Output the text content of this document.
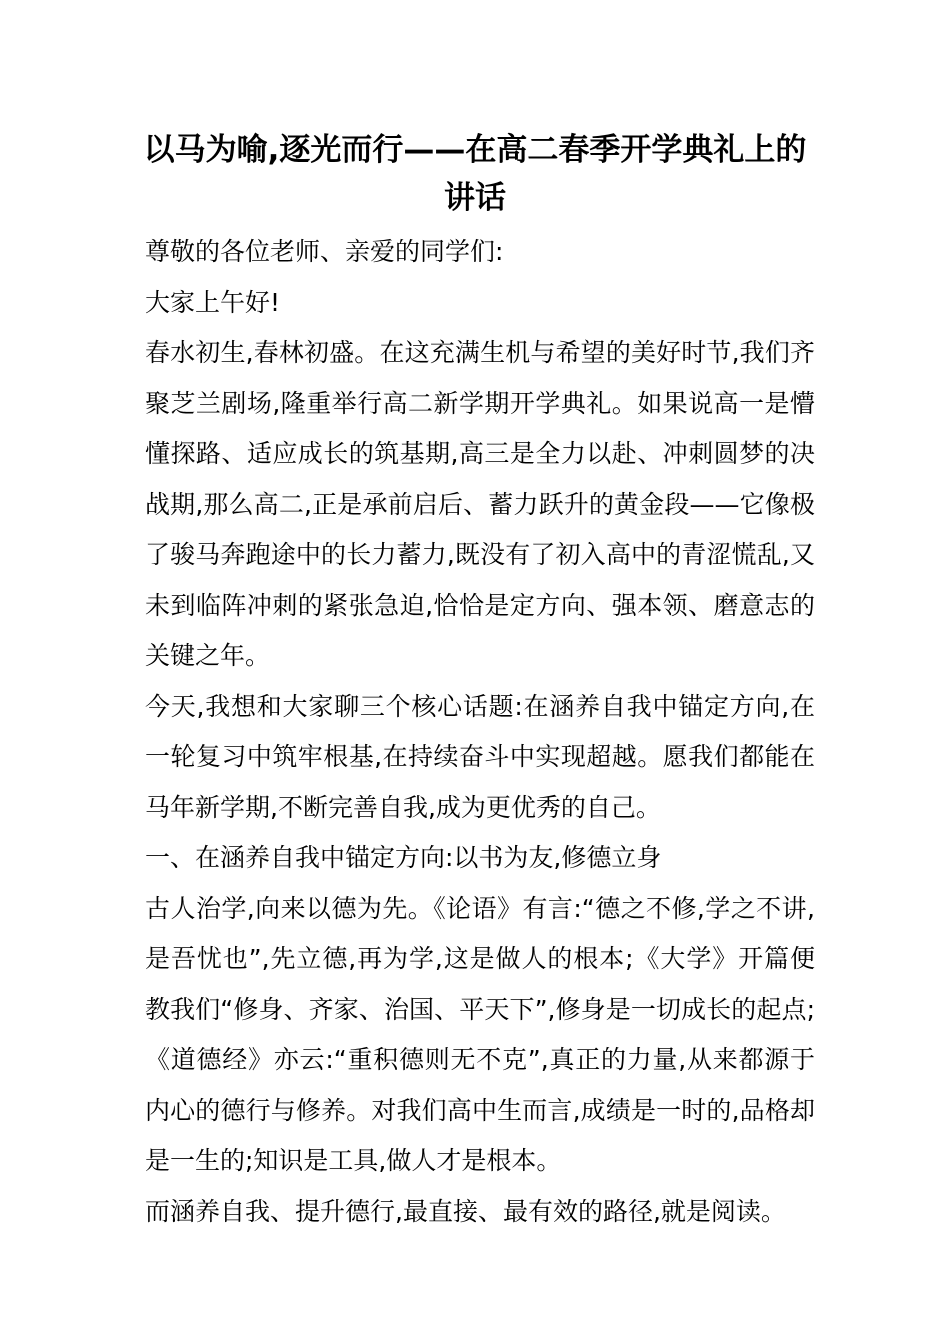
以马为喻,逐光而行——在高二春季开学典礼上的讲话

尊敬的各位老师、亲爱的同学们:

大家上午好!

春水初生,春林初盛。在这充满生机与希望的美好时节,我们齐聚芝兰剧场,隆重举行高二新学期开学典礼。如果说高一是懵懂探路、适应成长的筑基期,高三是全力以赴、冲刺圆梦的决战期,那么高二,正是承前启后、蓄力跃升的黄金段——它像极了骏马奔跑途中的长力蓄力,既没有了初入高中的青涩慌乱,又未到临阵冲刺的紧张急迫,恰恰是定方向、强本领、磨意志的关键之年。

今天,我想和大家聊三个核心话题:在涵养自我中锚定方向,在一轮复习中筑牢根基,在持续奋斗中实现超越。愿我们都能在马年新学期,不断完善自我,成为更优秀的自己。

一、在涵养自我中锚定方向:以书为友,修德立身

古人治学,向来以德为先。《论语》有言:“德之不修,学之不讲,是吾忧也”,先立德,再为学,这是做人的根本;《大学》开篇便教我们“修身、齐家、治国、平天下”,修身是一切成长的起点;《道德经》亦云:“重积德则无不克”,真正的力量,从来都源于内心的德行与修养。对我们高中生而言,成绩是一时的,品格却是一生的;知识是工具,做人才是根本。

而涵养自我、提升德行,最直接、最有效的路径,就是阅读。
